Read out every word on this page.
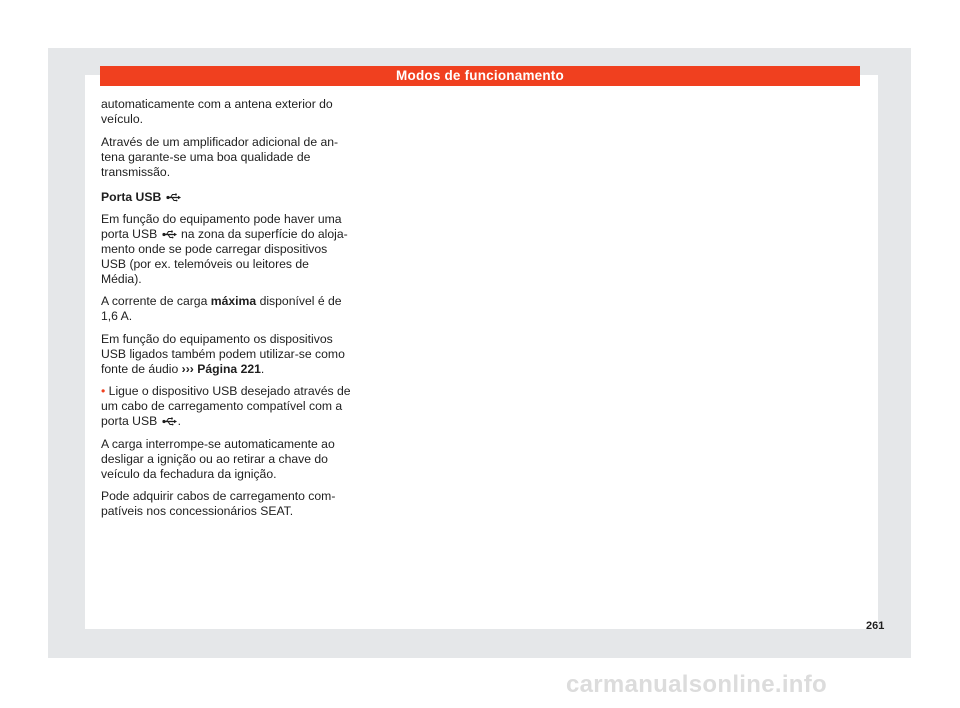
Modos de funcionamento

automaticamente com a antena exterior do veículo.

Através de um amplificador adicional de antena garante-se uma boa qualidade de transmissão.

Porta USB

Em função do equipamento pode haver uma porta USB na zona da superfície do alojamento onde se pode carregar dispositivos USB (por ex. telemóveis ou leitores de Média).

A corrente de carga máxima disponível é de 1,6 A.

Em função do equipamento os dispositivos USB ligados também podem utilizar-se como fonte de áudio ››› Página 221.

• Ligue o dispositivo USB desejado através de um cabo de carregamento compatível com a porta USB .

A carga interrompe-se automaticamente ao desligar a ignição ou ao retirar a chave do veículo da fechadura da ignição.

Pode adquirir cabos de carregamento compatíveis nos concessionários SEAT.

261
carmanualsonline.info
